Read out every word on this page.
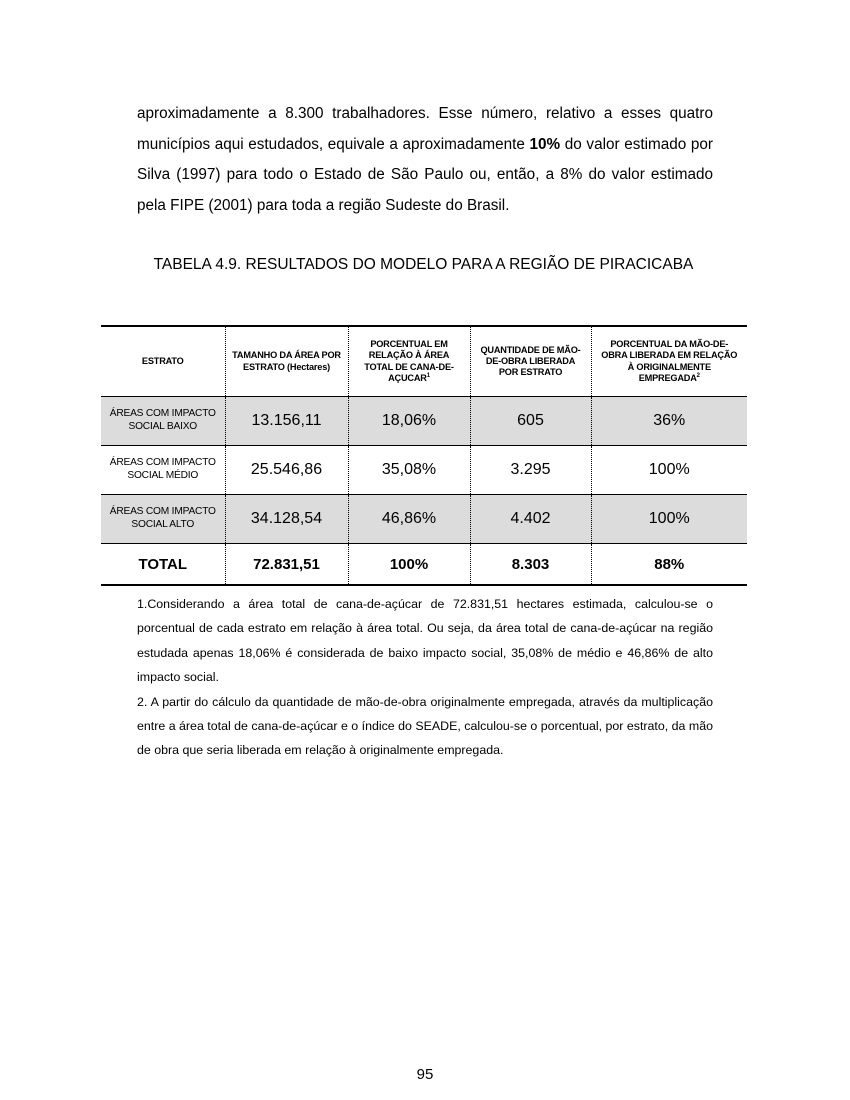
aproximadamente a 8.300 trabalhadores. Esse número, relativo a esses quatro municípios aqui estudados, equivale a aproximadamente 10% do valor estimado por Silva (1997) para todo o Estado de São Paulo ou, então, a 8% do valor estimado pela FIPE (2001) para toda a região Sudeste do Brasil.

TABELA 4.9. RESULTADOS DO MODELO PARA A REGIÃO DE PIRACICABA

ESTRATO	TAMANHO DA ÁREA POR ESTRATO (Hectares)	PORCENTUAL EM RELAÇÃO À ÁREA TOTAL DE CANA-DE-AÇUCAR$^1$	QUANTIDADE DE MÃO-DE-OBRA LIBERADA POR ESTRATO	PORCENTUAL DA MÃO-DE-OBRA LIBERADA EM RELAÇÃO À ORIGINALMENTE EMPREGADA$^2$
ÁREAS COM IMPACTO SOCIAL BAIXO	13.156,11	18,06%	605	36%
ÁREAS COM IMPACTO SOCIAL MÉDIO	25.546,86	35,08%	3.295	100%
ÁREAS COM IMPACTO SOCIAL ALTO	34.128,54	46,86%	4.402	100%
TOTAL	72.831,51	100%	8.303	88%

1.Considerando a área total de cana-de-açúcar de 72.831,51 hectares estimada, calculou-se o porcentual de cada estrato em relação à área total. Ou seja, da área total de cana-de-açúcar na região estudada apenas 18,06% é considerada de baixo impacto social, 35,08% de médio e 46,86% de alto impacto social.

2. A partir do cálculo da quantidade de mão-de-obra originalmente empregada, através da multiplicação entre a área total de cana-de-açúcar e o índice do SEADE, calculou-se o porcentual, por estrato, da mão de obra que seria liberada em relação à originalmente empregada.

95
